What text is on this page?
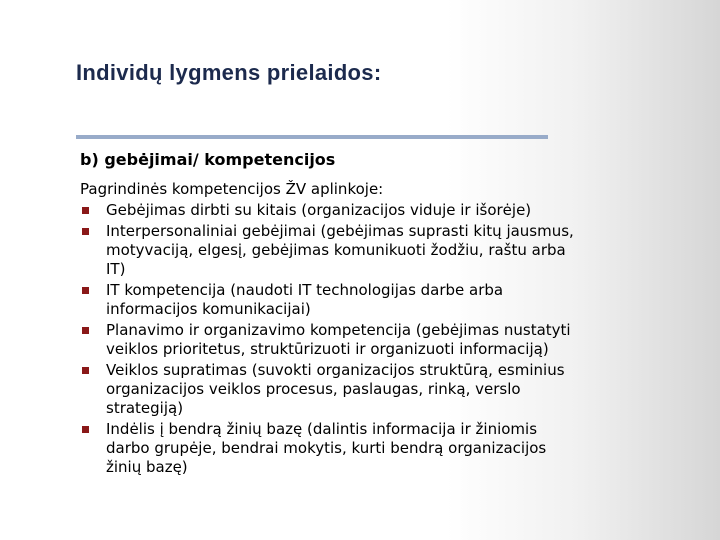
Individų lygmens prielaidos:
b) gebėjimai/ kompetencijos
Pagrindinės kompetencijos ŽV aplinkoje:
Gebėjimas dirbti su kitais (organizacijos viduje ir išorėje)
Interpersonaliniai gebėjimai (gebėjimas suprasti kitų jausmus,
motyvaciją, elgesį, gebėjimas komunikuoti žodžiu, raštu arba
IT)
IT kompetencija (naudoti IT technologijas darbe arba
informacijos komunikacijai)
Planavimo ir organizavimo kompetencija (gebėjimas nustatyti
veiklos prioritetus, struktūrizuoti ir organizuoti informaciją)
Veiklos supratimas (suvokti organizacijos struktūrą, esminius
organizacijos veiklos procesus, paslaugas, rinką, verslo
strategiją)
Indėlis į bendrą žinių bazę (dalintis informacija ir žiniomis
darbo grupėje, bendrai mokytis, kurti bendrą organizacijos
žinių bazę)
